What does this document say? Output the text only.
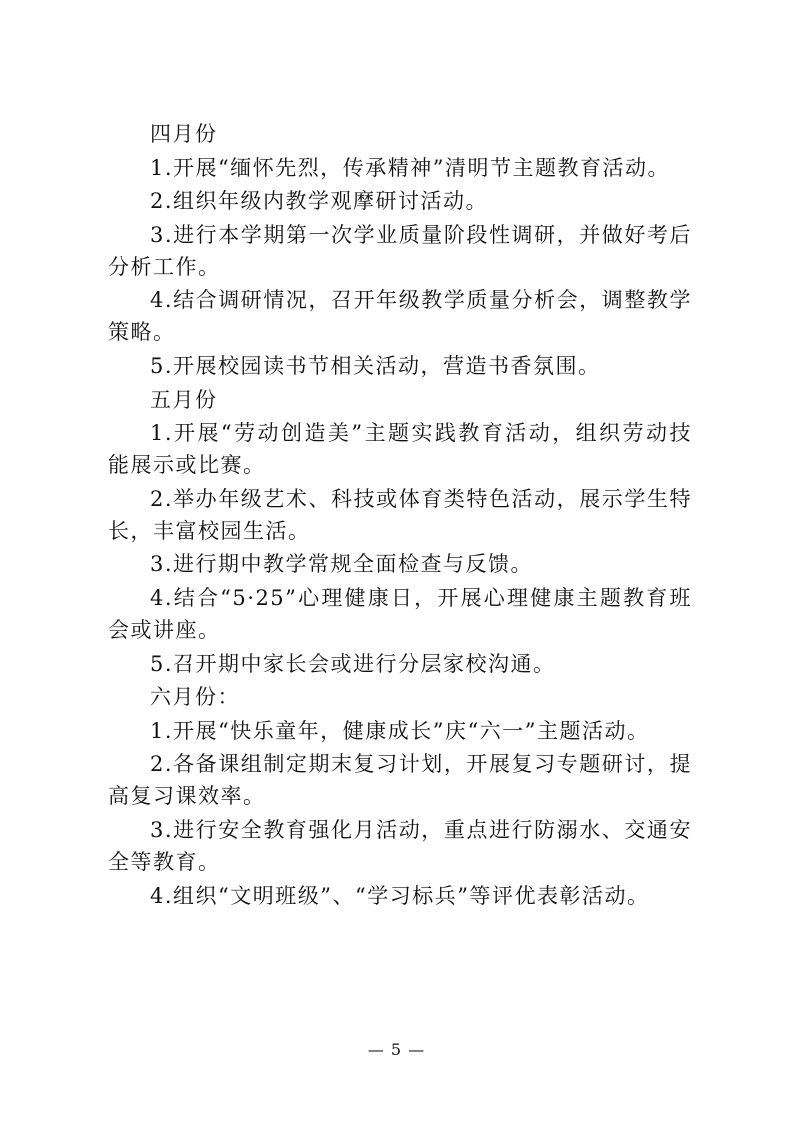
四月份

1.开展“缅怀先烈，传承精神”清明节主题教育活动。

2.组织年级内教学观摩研讨活动。

3.进行本学期第一次学业质量阶段性调研，并做好考后分析工作。

4.结合调研情况，召开年级教学质量分析会，调整教学策略。

5.开展校园读书节相关活动，营造书香氛围。

五月份

1.开展“劳动创造美”主题实践教育活动，组织劳动技能展示或比赛。

2.举办年级艺术、科技或体育类特色活动，展示学生特长，丰富校园生活。

3.进行期中教学常规全面检查与反馈。

4.结合“5·25”心理健康日，开展心理健康主题教育班会或讲座。

5.召开期中家长会或进行分层家校沟通。

六月份：

1.开展“快乐童年，健康成长”庆“六一”主题活动。

2.各备课组制定期末复习计划，开展复习专题研讨，提高复习课效率。

3.进行安全教育强化月活动，重点进行防溺水、交通安全等教育。

4.组织“文明班级”、“学习标兵”等评优表彰活动。

— 5 —
